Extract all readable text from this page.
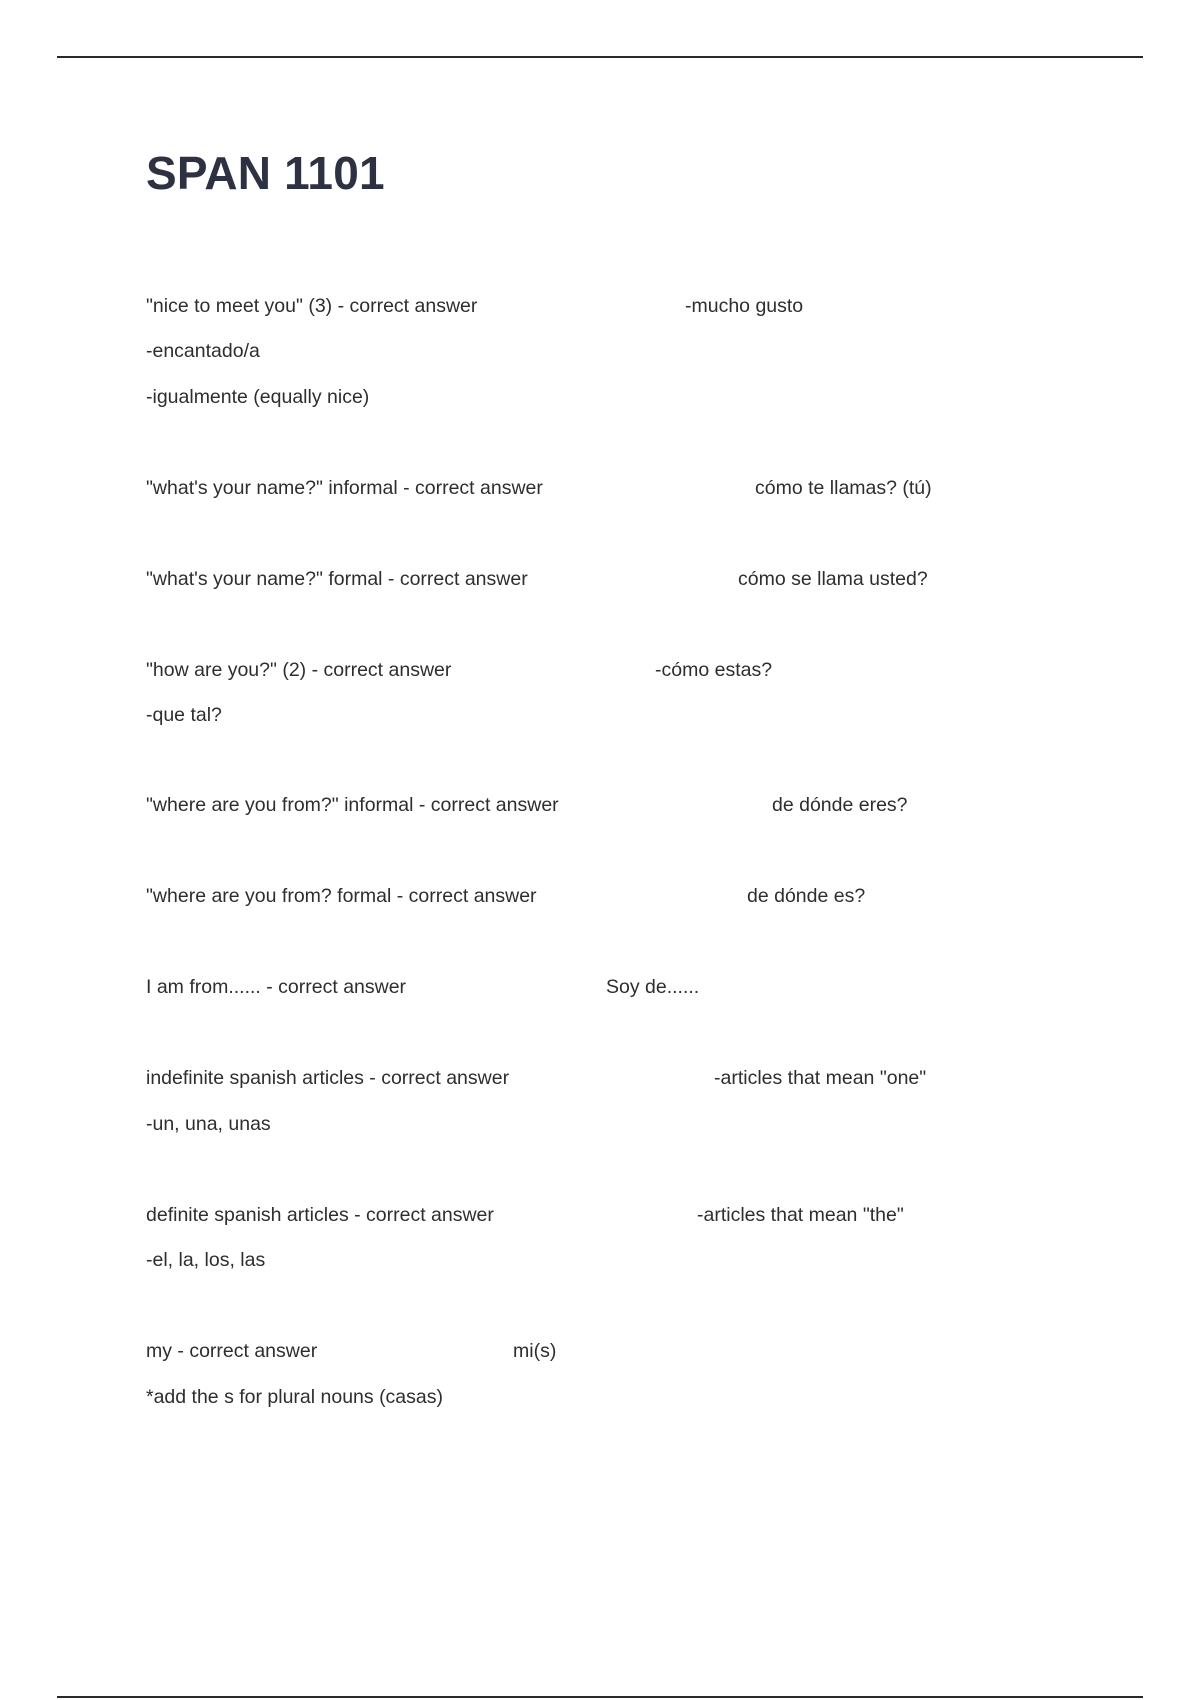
SPAN 1101

"nice to meet you" (3) - correct answer	-mucho gusto

-encantado/a

-igualmente (equally nice)

"what's your name?" informal - correct answer	cómo te llamas? (tú)

"what's your name?" formal - correct answer	cómo se llama usted?

"how are you?" (2) - correct answer	-cómo estas?

-que tal?

"where are you from?" informal - correct answer	de dónde eres?

"where are you from? formal - correct answer	de dónde es?

I am from...... - correct answer	Soy de......

indefinite spanish articles - correct answer	-articles that mean "one"

-un, una, unas

definite spanish articles - correct answer	-articles that mean "the"

-el, la, los, las

my - correct answer	mi(s)

*add the s for plural nouns (casas)
